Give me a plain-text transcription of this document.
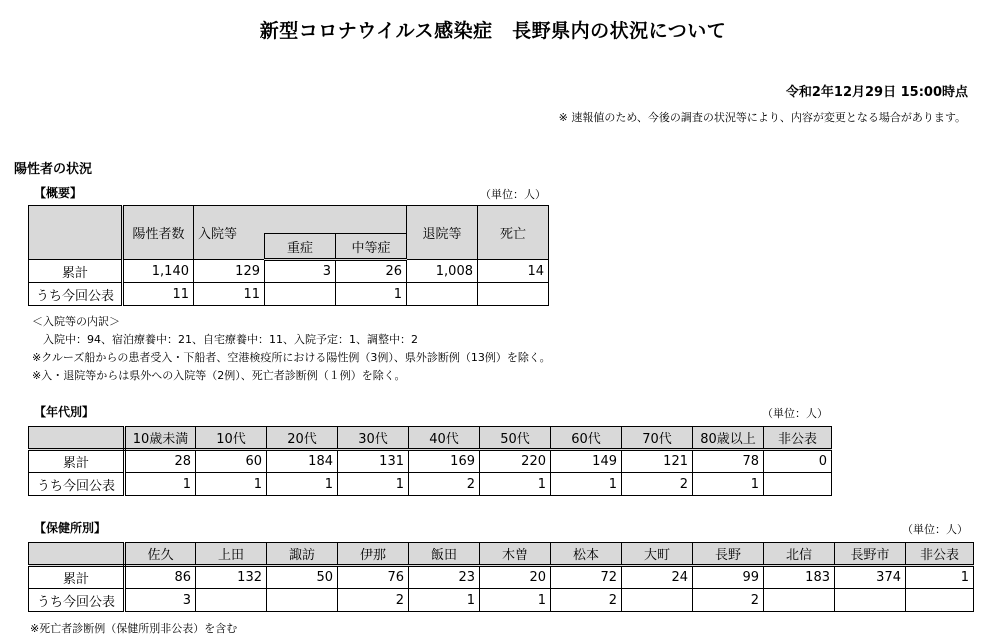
新型コロナウイルス感染症　長野県内の状況について
令和2年12月29日 15:00時点
※ 速報値のため、今後の調査の状況等により、内容が変更となる場合があります。
陽性者の状況
【概要】	（単位：人）
	陽性者数	入院等			退院等	死亡
			重症	中等症		
累計	1,140	129	3	26	1,008	14
うち今回公表	11	11		1		
＜入院等の内訳＞
　入院中：94、宿泊療養中：21、自宅療養中：11、入院予定：1、調整中：2
※クルーズ船からの患者受入・下船者、空港検疫所における陽性例（3例）、県外診断例（13例）を除く。
※入・退院等からは県外への入院等（2例）、死亡者診断例（１例）を除く。
【年代別】	（単位：人）
	10歳未満	10代	20代	30代	40代	50代	60代	70代	80歳以上	非公表
累計	28	60	184	131	169	220	149	121	78	0
うち今回公表	1	1	1	1	2	1	1	2	1	
【保健所別】	（単位：人）
	佐久	上田	諏訪	伊那	飯田	木曽	松本	大町	長野	北信	長野市	非公表
累計	86	132	50	76	23	20	72	24	99	183	374	1
うち今回公表	3			2	1	1	2		2			
※死亡者診断例（保健所別非公表）を含む
